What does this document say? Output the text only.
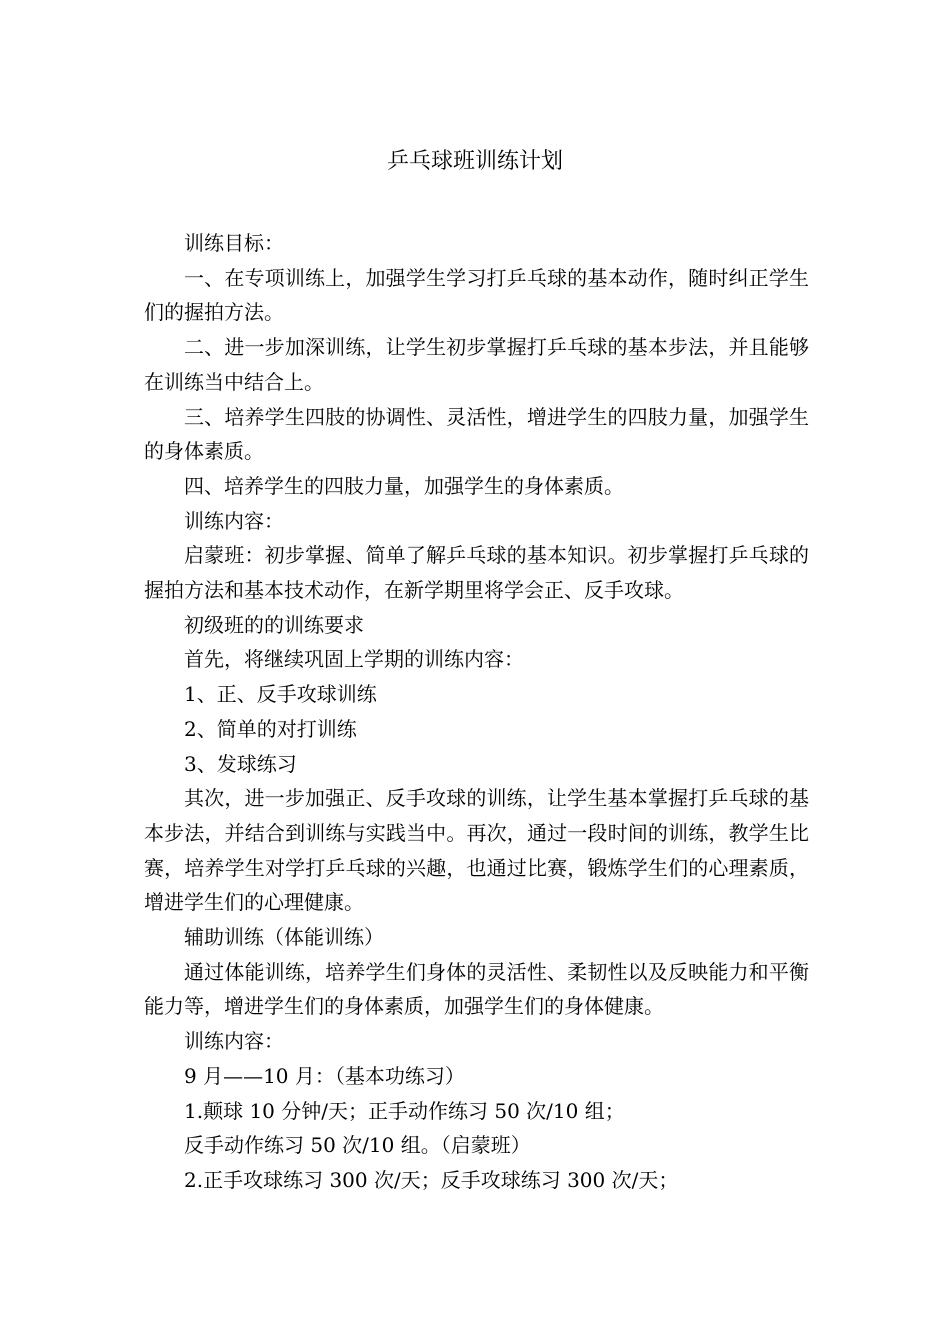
乒乓球班训练计划

训练目标：

一、在专项训练上，加强学生学习打乒乓球的基本动作，随时纠正学生们的握拍方法。

二、进一步加深训练，让学生初步掌握打乒乓球的基本步法，并且能够在训练当中结合上。

三、培养学生四肢的协调性、灵活性，增进学生的四肢力量，加强学生的身体素质。

四、培养学生的四肢力量，加强学生的身体素质。

训练内容：

启蒙班：初步掌握、简单了解乒乓球的基本知识。初步掌握打乒乓球的握拍方法和基本技术动作，在新学期里将学会正、反手攻球。

初级班的的训练要求

首先，将继续巩固上学期的训练内容：

1、正、反手攻球训练

2、简单的对打训练

3、发球练习

其次，进一步加强正、反手攻球的训练，让学生基本掌握打乒乓球的基本步法，并结合到训练与实践当中。再次，通过一段时间的训练，教学生比赛，培养学生对学打乒乓球的兴趣，也通过比赛，锻炼学生们的心理素质，增进学生们的心理健康。

辅助训练（体能训练）

通过体能训练，培养学生们身体的灵活性、柔韧性以及反映能力和平衡能力等，增进学生们的身体素质，加强学生们的身体健康。

训练内容：

9 月——10 月：（基本功练习）

1.颠球 10 分钟/天；正手动作练习 50 次/10 组；

反手动作练习 50 次/10 组。（启蒙班）

2.正手攻球练习 300 次/天；反手攻球练习 300 次/天；
